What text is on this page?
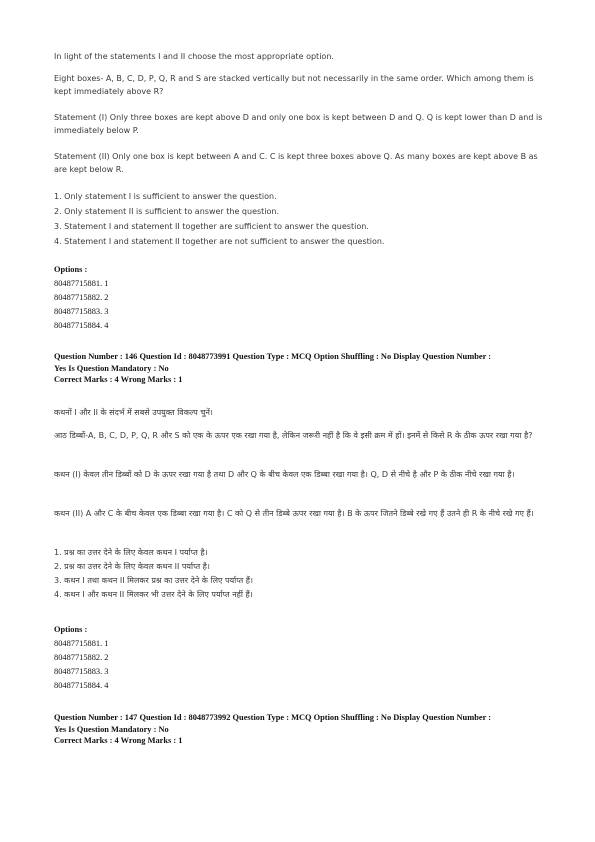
In light of the statements I and II choose the most appropriate option.

Eight boxes- A, B, C, D, P, Q, R and S are stacked vertically but not necessarily in the same order. Which among them is kept immediately above R?

Statement (I) Only three boxes are kept above D and only one box is kept between D and Q. Q is kept lower than D and is immediately below P.

Statement (II) Only one box is kept between A and C. C is kept three boxes above Q. As many boxes are kept above B as are kept below R.

1. Only statement I is sufficient to answer the question.
2. Only statement II is sufficient to answer the question.
3. Statement I and statement II together are sufficient to answer the question.
4. Statement I and statement II together are not sufficient to answer the question.
Options :
80487715881. 1
80487715882. 2
80487715883. 3
80487715884. 4
Question Number : 146 Question Id : 8048773991 Question Type : MCQ Option Shuffling : No Display Question Number :
Yes Is Question Mandatory : No
Correct Marks : 4 Wrong Marks : 1

कथनों I और II के संदर्भ में सबसे उपयुक्त विकल्प चुनें।

आठ डिब्बों-A, B, C, D, P, Q, R और S को एक के ऊपर एक रखा गया है, लेकिन जरूरी नहीं है कि वे इसी क्रम में हों। इनमें से किसे R के ठीक ऊपर रखा गया है?

कथन (I) केवल तीन डिब्बों को D के ऊपर रखा गया है तथा D और Q के बीच केवल एक डिब्बा रखा गया है। Q, D से नीचे है और P के ठीक नीचे रखा गया है।

कथन (II) A और C के बीच केवल एक डिब्बा रखा गया है। C को Q से तीन डिब्बे ऊपर रखा गया है। B के ऊपर जितने डिब्बे रखे गए हैं उतने ही R के नीचे रखे गए हैं।

1. प्रश्न का उत्तर देने के लिए केवल कथन I पर्याप्त है।
2. प्रश्न का उत्तर देने के लिए केवल कथन II पर्याप्त है।
3. कथन I तथा कथन II मिलकर प्रश्न का उत्तर देने के लिए पर्याप्त हैं।
4. कथन I और कथन II मिलकर भी उत्तर देने के लिए पर्याप्त नहीं हैं।
Options :
80487715881. 1
80487715882. 2
80487715883. 3
80487715884. 4
Question Number : 147 Question Id : 8048773992 Question Type : MCQ Option Shuffling : No Display Question Number :
Yes Is Question Mandatory : No
Correct Marks : 4 Wrong Marks : 1
